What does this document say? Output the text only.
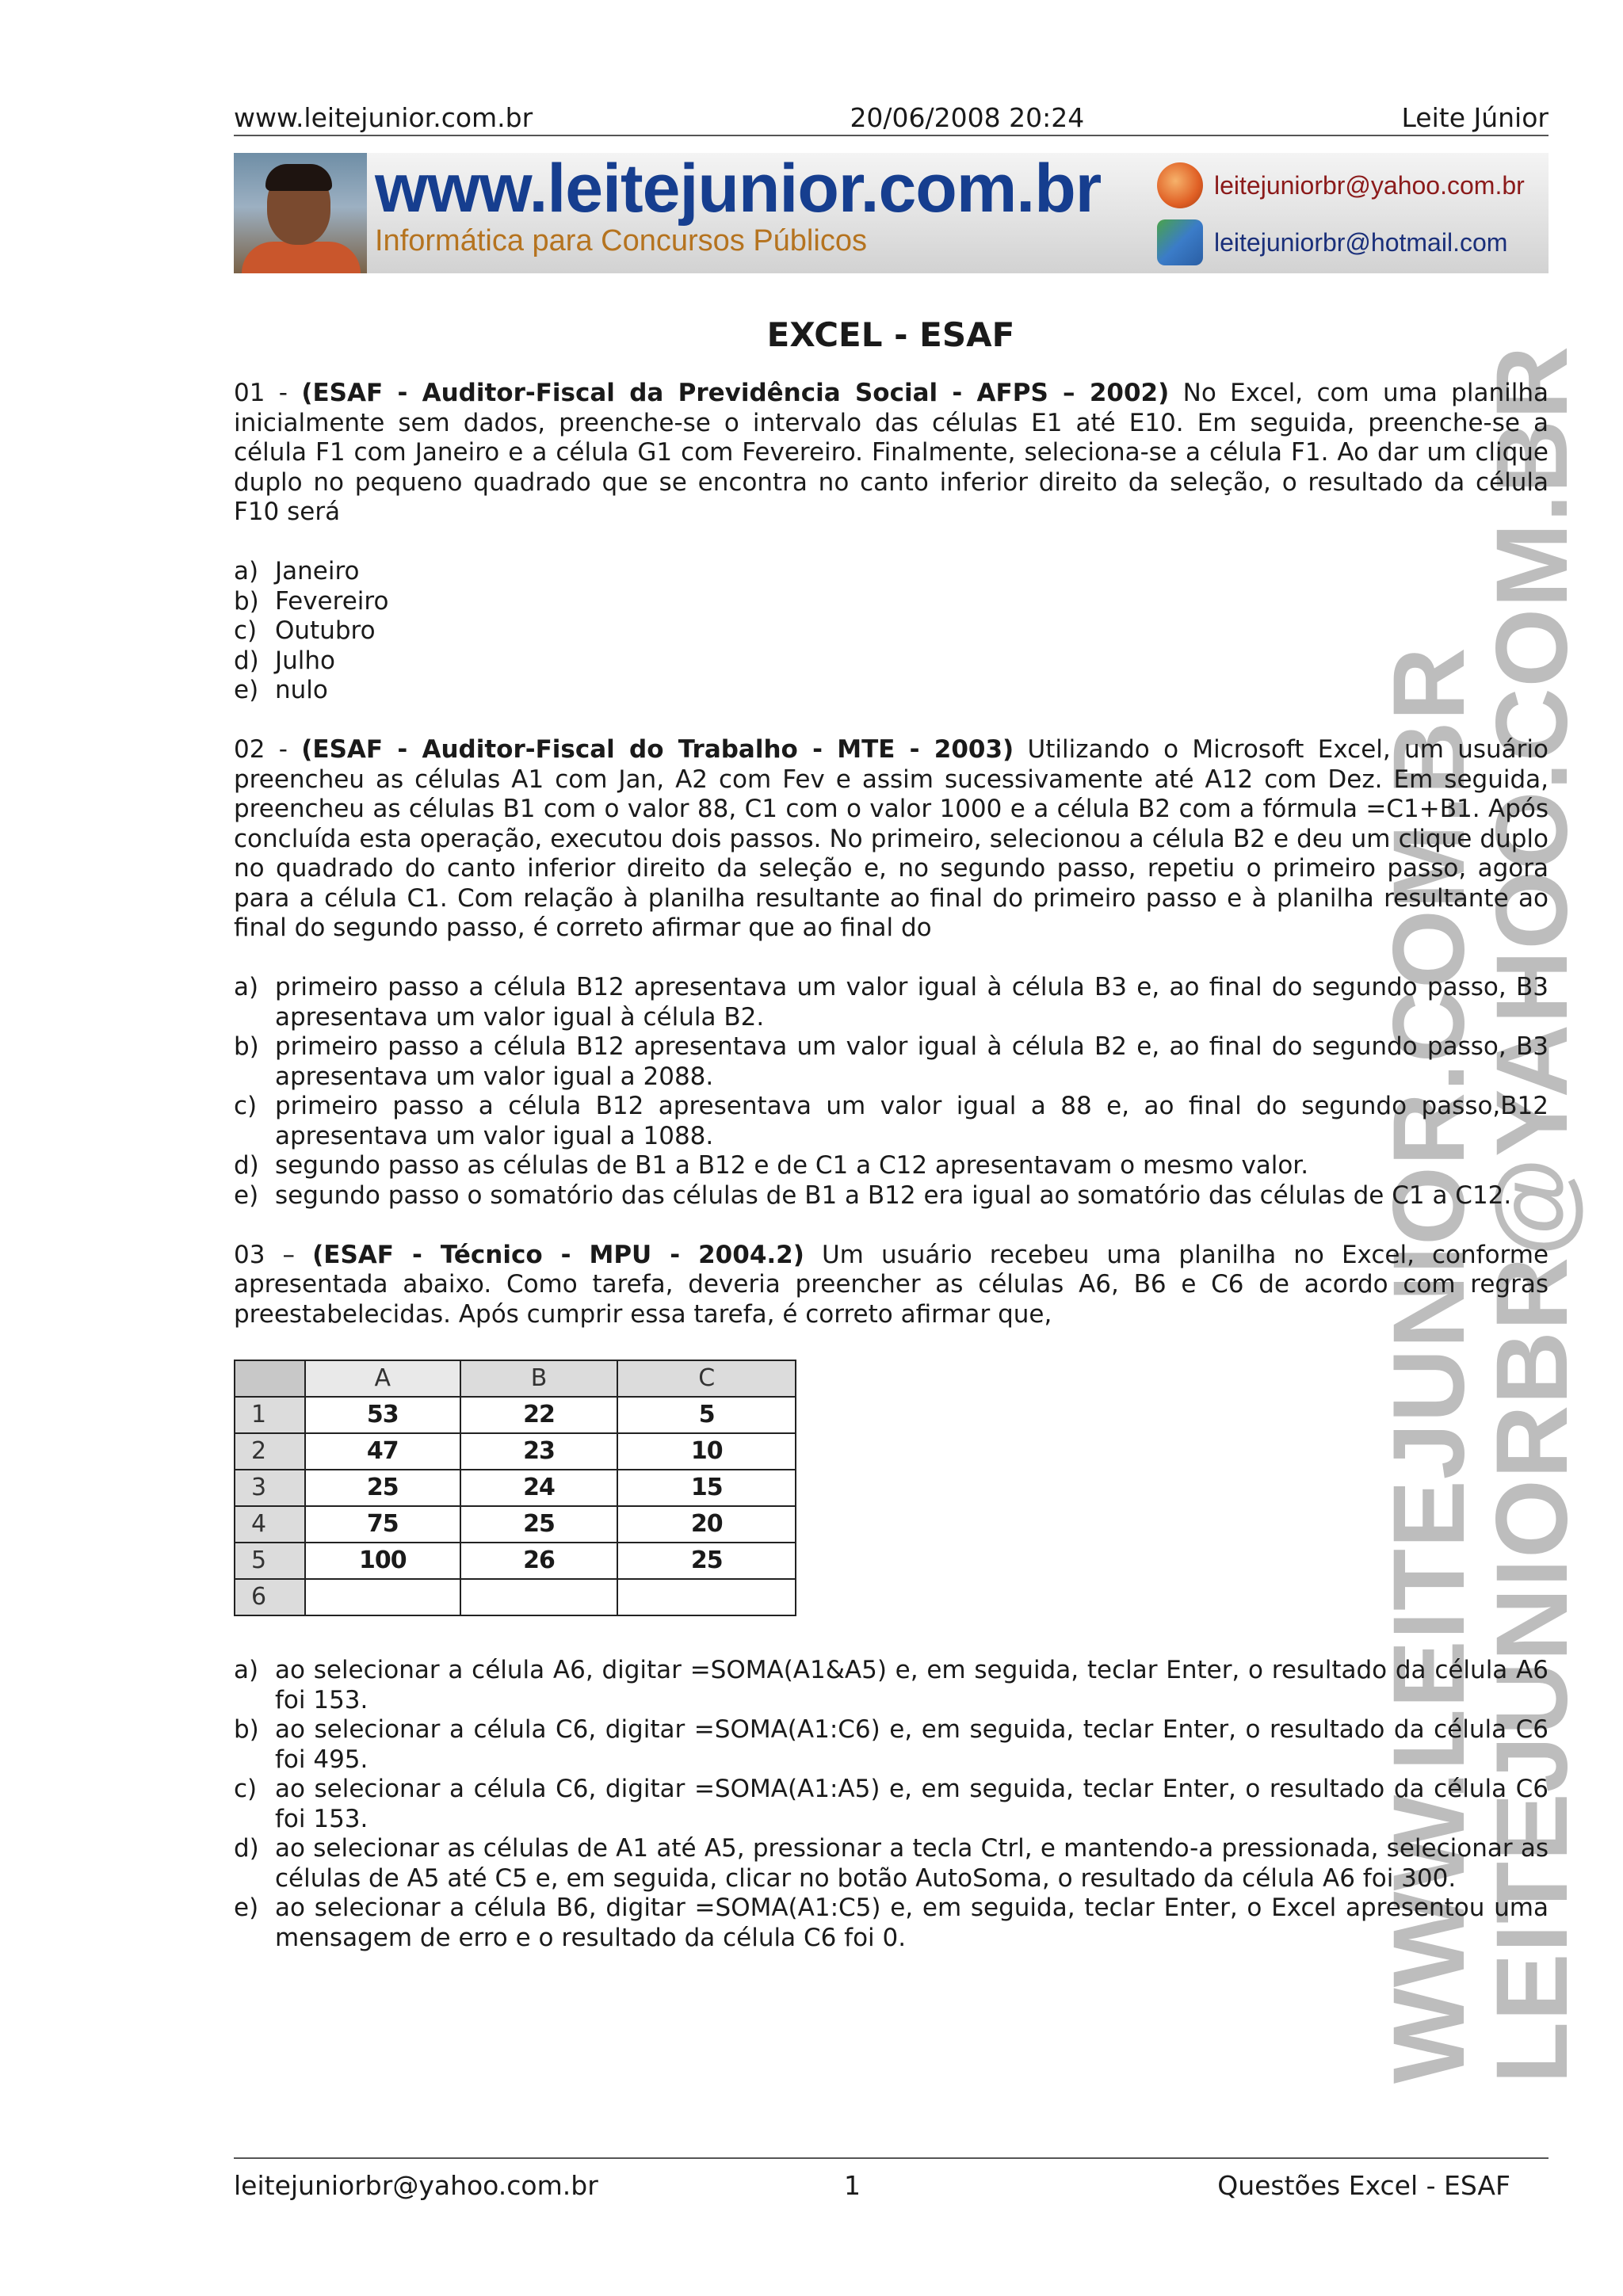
www.leitejunior.com.br	20/06/2008 20:24	Leite Júnior
www.leitejunior.com.br
Informática para Concursos Públicos
leitejuniorbr@yahoo.com.br
leitejuniorbr@hotmail.com
WWW.LEITEJUNIOR.COM.BR
LEITEJUNIORBR@YAHOO.COM.BR
EXCEL - ESAF

01 - (ESAF - Auditor-Fiscal da Previdência Social - AFPS – 2002) No Excel, com uma planilha inicialmente sem dados, preenche-se o intervalo das células E1 até E10. Em seguida, preenche-se a célula F1 com Janeiro e a célula G1 com Fevereiro. Finalmente, seleciona-se a célula F1. Ao dar um clique duplo no pequeno quadrado que se encontra no canto inferior direito da seleção, o resultado da célula F10 será

a) Janeiro
b) Fevereiro
c) Outubro
d) Julho
e) nulo

02 - (ESAF - Auditor-Fiscal do Trabalho - MTE - 2003) Utilizando o Microsoft Excel, um usuário preencheu as células A1 com Jan, A2 com Fev e assim sucessivamente até A12 com Dez. Em seguida, preencheu as células B1 com o valor 88, C1 com o valor 1000 e a célula B2 com a fórmula =C1+B1. Após concluída esta operação, executou dois passos. No primeiro, selecionou a célula B2 e deu um clique duplo no quadrado do canto inferior direito da seleção e, no segundo passo, repetiu o primeiro passo, agora para a célula C1. Com relação à planilha resultante ao final do primeiro passo e à planilha resultante ao final do segundo passo, é correto afirmar que ao final do

a) primeiro passo a célula B12 apresentava um valor igual à célula B3 e, ao final do segundo passo, B3 apresentava um valor igual à célula B2.
b) primeiro passo a célula B12 apresentava um valor igual à célula B2 e, ao final do segundo passo, B3 apresentava um valor igual a 2088.
c) primeiro passo a célula B12 apresentava um valor igual a 88 e, ao final do segundo passo,B12 apresentava um valor igual a 1088.
d) segundo passo as células de B1 a B12 e de C1 a C12 apresentavam o mesmo valor.
e) segundo passo o somatório das células de B1 a B12 era igual ao somatório das células de C1 a C12.

03 – (ESAF - Técnico - MPU - 2004.2) Um usuário recebeu uma planilha no Excel, conforme apresentada abaixo. Como tarefa, deveria preencher as células A6, B6 e C6 de acordo com regras preestabelecidas. Após cumprir essa tarefa, é correto afirmar que,

	A	B	C
1	53	22	5
2	47	23	10
3	25	24	15
4	75	25	20
5	100	26	25
6			
a) ao selecionar a célula A6, digitar =SOMA(A1&A5) e, em seguida, teclar Enter, o resultado da célula A6 foi 153.
b) ao selecionar a célula C6, digitar =SOMA(A1:C6) e, em seguida, teclar Enter, o resultado da célula C6 foi 495.
c) ao selecionar a célula C6, digitar =SOMA(A1:A5) e, em seguida, teclar Enter, o resultado da célula C6 foi 153.
d) ao selecionar as células de A1 até A5, pressionar a tecla Ctrl, e mantendo-a pressionada, selecionar as células de A5 até C5 e, em seguida, clicar no botão AutoSoma, o resultado da célula A6 foi 300.
e) ao selecionar a célula B6, digitar =SOMA(A1:C5) e, em seguida, teclar Enter, o Excel apresentou uma mensagem de erro e o resultado da célula C6 foi 0.
leitejuniorbr@yahoo.com.br	1	Questões Excel - ESAF
